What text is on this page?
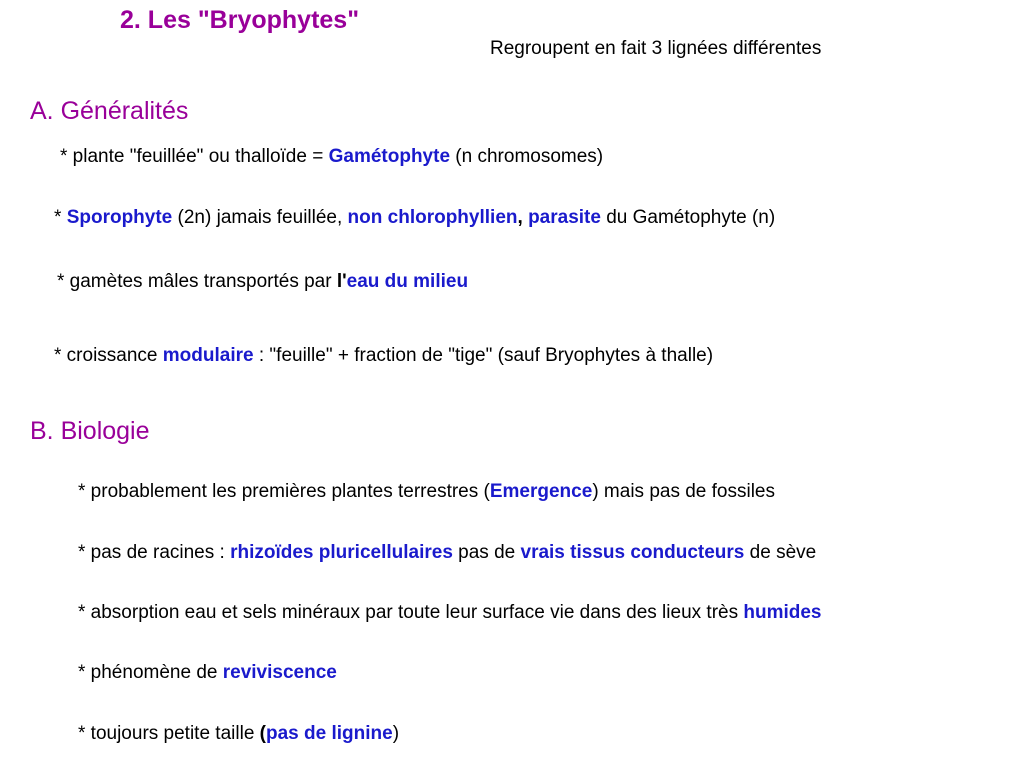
2. Les "Bryophytes"
Regroupent en fait 3 lignées différentes
A. Généralités
* plante "feuillée" ou thalloïde = Gamétophyte (n chromosomes)
* Sporophyte (2n) jamais feuillée, non chlorophyllien, parasite du Gamétophyte (n)
* gamètes mâles transportés par l'eau du milieu
* croissance modulaire : "feuille" + fraction de "tige" (sauf Bryophytes à thalle)
B. Biologie
* probablement les premières plantes terrestres (Emergence) mais pas de fossiles
* pas de racines : rhizoïdes pluricellulaires pas de vrais tissus conducteurs de sève
* absorption eau et sels minéraux par toute leur surface vie dans des lieux très humides
* phénomène de reviviscence
* toujours petite taille (pas de lignine)
